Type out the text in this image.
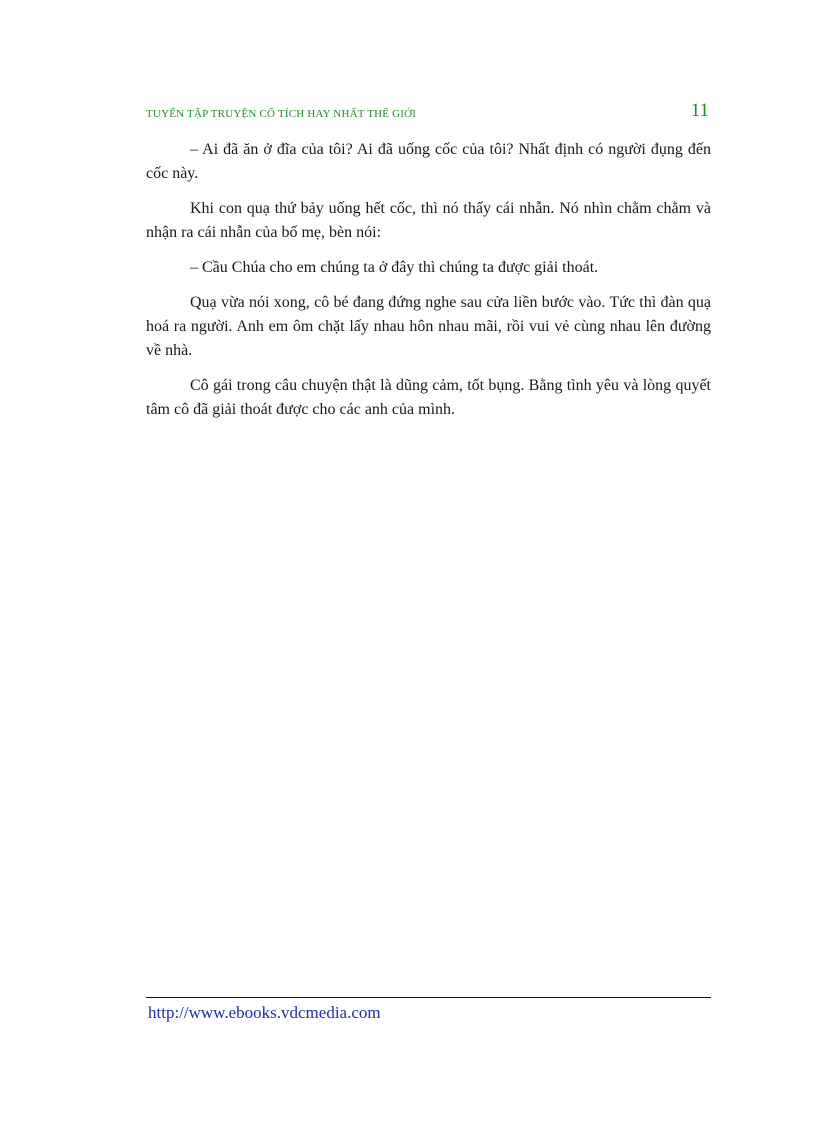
TUYỂN TẬP TRUYỆN CỔ TÍCH HAY NHẤT THẾ GIỚI	11

– Ai đã ăn ở đĩa của tôi? Ai đã uống cốc của tôi? Nhất định có người đụng đến cốc này.

Khi con quạ thứ bảy uống hết cốc, thì nó thấy cái nhẫn. Nó nhìn chằm chằm và nhận ra cái nhẫn của bố mẹ, bèn nói:

– Cầu Chúa cho em chúng ta ở đây thì chúng ta được giải thoát.

Quạ vừa nói xong, cô bé đang đứng nghe sau cửa liền bước vào. Tức thì đàn quạ hoá ra người. Anh em ôm chặt lấy nhau hôn nhau mãi, rồi vui vẻ cùng nhau lên đường về nhà.

Cô gái trong câu chuyện thật là dũng cảm, tốt bụng. Bằng tình yêu và lòng quyết tâm cô đã giải thoát được cho các anh của mình.

http://www.ebooks.vdcmedia.com
